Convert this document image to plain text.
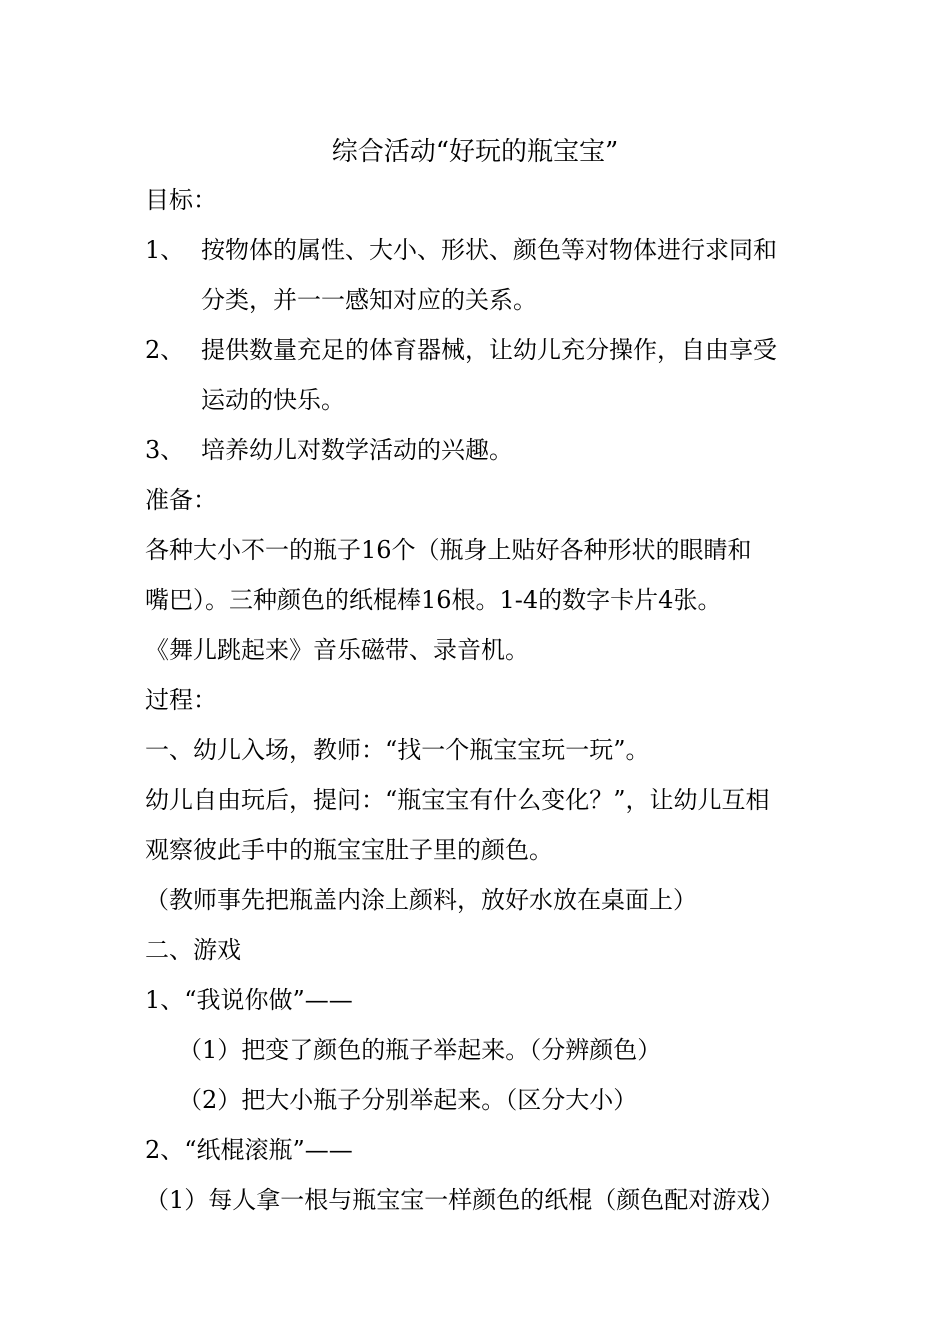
综合活动“好玩的瓶宝宝”
目标：
1、 按物体的属性、大小、形状、颜色等对物体进行求同和
分类，并一一感知对应的关系。
2、 提供数量充足的体育器械，让幼儿充分操作，自由享受
运动的快乐。
3、 培养幼儿对数学活动的兴趣。
准备：
各种大小不一的瓶子16个（瓶身上贴好各种形状的眼睛和
嘴巴）。三种颜色的纸棍棒16根。1-4的数字卡片4张。
《舞儿跳起来》音乐磁带、录音机。
过程：
一、幼儿入场，教师：“找一个瓶宝宝玩一玩”。
幼儿自由玩后，提问：“瓶宝宝有什么变化？”，让幼儿互相
观察彼此手中的瓶宝宝肚子里的颜色。
（教师事先把瓶盖内涂上颜料，放好水放在桌面上）
二、游戏
1、“我说你做”——
（1）把变了颜色的瓶子举起来。（分辨颜色）
（2）把大小瓶子分别举起来。（区分大小）
2、“纸棍滚瓶”——
（1）每人拿一根与瓶宝宝一样颜色的纸棍（颜色配对游戏）
